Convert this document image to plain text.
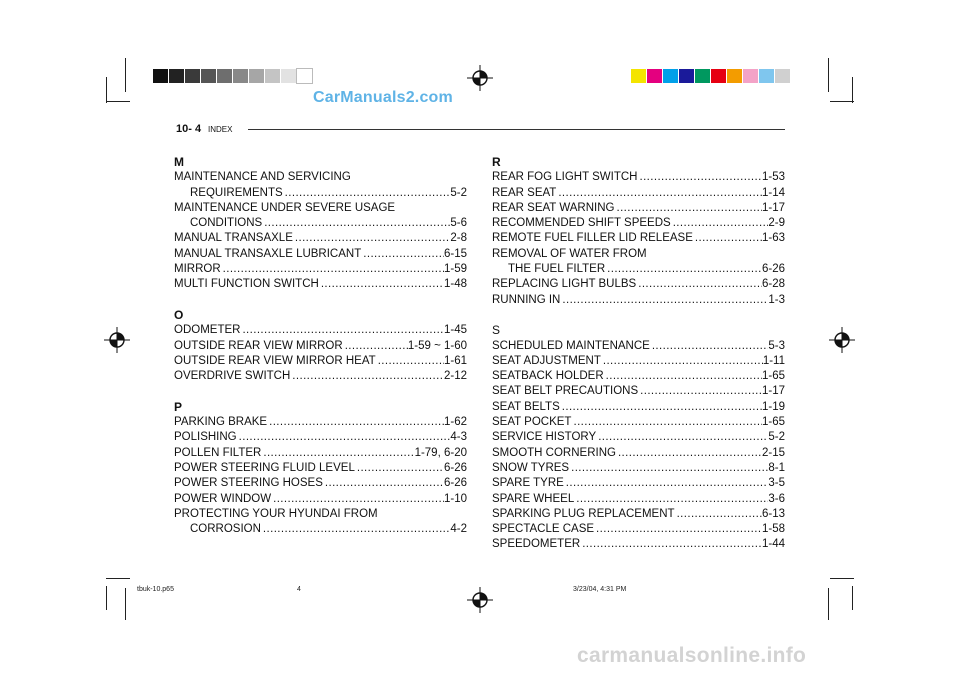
CarManuals2.com
carmanualsonline.info
10- 4 INDEX
M
MAINTENANCE AND SERVICING
REQUIREMENTS .....	5-2
MAINTENANCE UNDER SEVERE USAGE
CONDITIONS .....	5-6
MANUAL TRANSAXLE .....	2-8
MANUAL TRANSAXLE LUBRICANT .....	6-15
MIRROR .....	1-59
MULTI FUNCTION SWITCH .....	1-48
O
ODOMETER .....	1-45
OUTSIDE REAR VIEW MIRROR .....	1-59 ~ 1-60
OUTSIDE REAR VIEW MIRROR HEAT .....	1-61
OVERDRIVE SWITCH .....	2-12
P
PARKING BRAKE .....	1-62
POLISHING .....	4-3
POLLEN FILTER .....	1-79, 6-20
POWER STEERING FLUID LEVEL .....	6-26
POWER STEERING HOSES .....	6-26
POWER WINDOW .....	1-10
PROTECTING YOUR HYUNDAI FROM
CORROSION .....	4-2
R
REAR FOG LIGHT SWITCH .....	1-53
REAR SEAT .....	1-14
REAR SEAT WARNING .....	1-17
RECOMMENDED SHIFT SPEEDS .....	2-9
REMOTE FUEL FILLER LID RELEASE .....	1-63
REMOVAL OF WATER FROM
THE FUEL FILTER .....	6-26
REPLACING LIGHT BULBS .....	6-28
RUNNING IN .....	1-3
S
SCHEDULED MAINTENANCE .....	5-3
SEAT ADJUSTMENT .....	1-11
SEATBACK HOLDER .....	1-65
SEAT BELT PRECAUTIONS .....	1-17
SEAT BELTS .....	1-19
SEAT POCKET .....	1-65
SERVICE HISTORY .....	5-2
SMOOTH CORNERING .....	2-15
SNOW TYRES .....	8-1
SPARE TYRE .....	3-5
SPARE WHEEL .....	3-6
SPARKING PLUG REPLACEMENT .....	6-13
SPECTACLE CASE .....	1-58
SPEEDOMETER .....	1-44
tbuk-10.p65	4	3/23/04, 4:31 PM
